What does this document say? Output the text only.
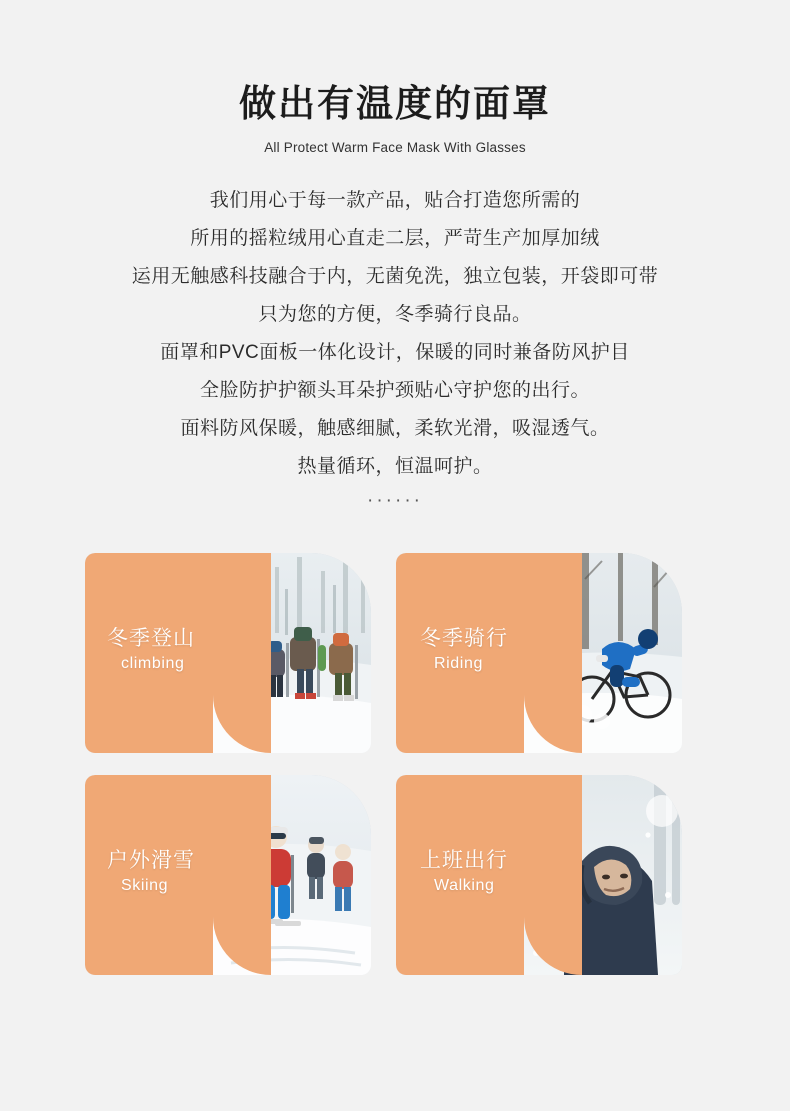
做出有温度的面罩
All Protect Warm Face Mask With Glasses

我们用心于每一款产品，贴合打造您所需的

所用的摇粒绒用心直走二层，严苛生产加厚加绒

运用无触感科技融合于内，无菌免洗，独立包装，开袋即可带

只为您的方便，冬季骑行良品。

面罩和PVC面板一体化设计，保暖的同时兼备防风护目

全脸防护护额头耳朵护颈贴心守护您的出行。

面料防风保暖，触感细腻，柔软光滑，吸湿透气。

热量循环，恒温呵护。

······
冬季登山
climbing
冬季骑行
Riding
户外滑雪
Skiing
上班出行
Walking
